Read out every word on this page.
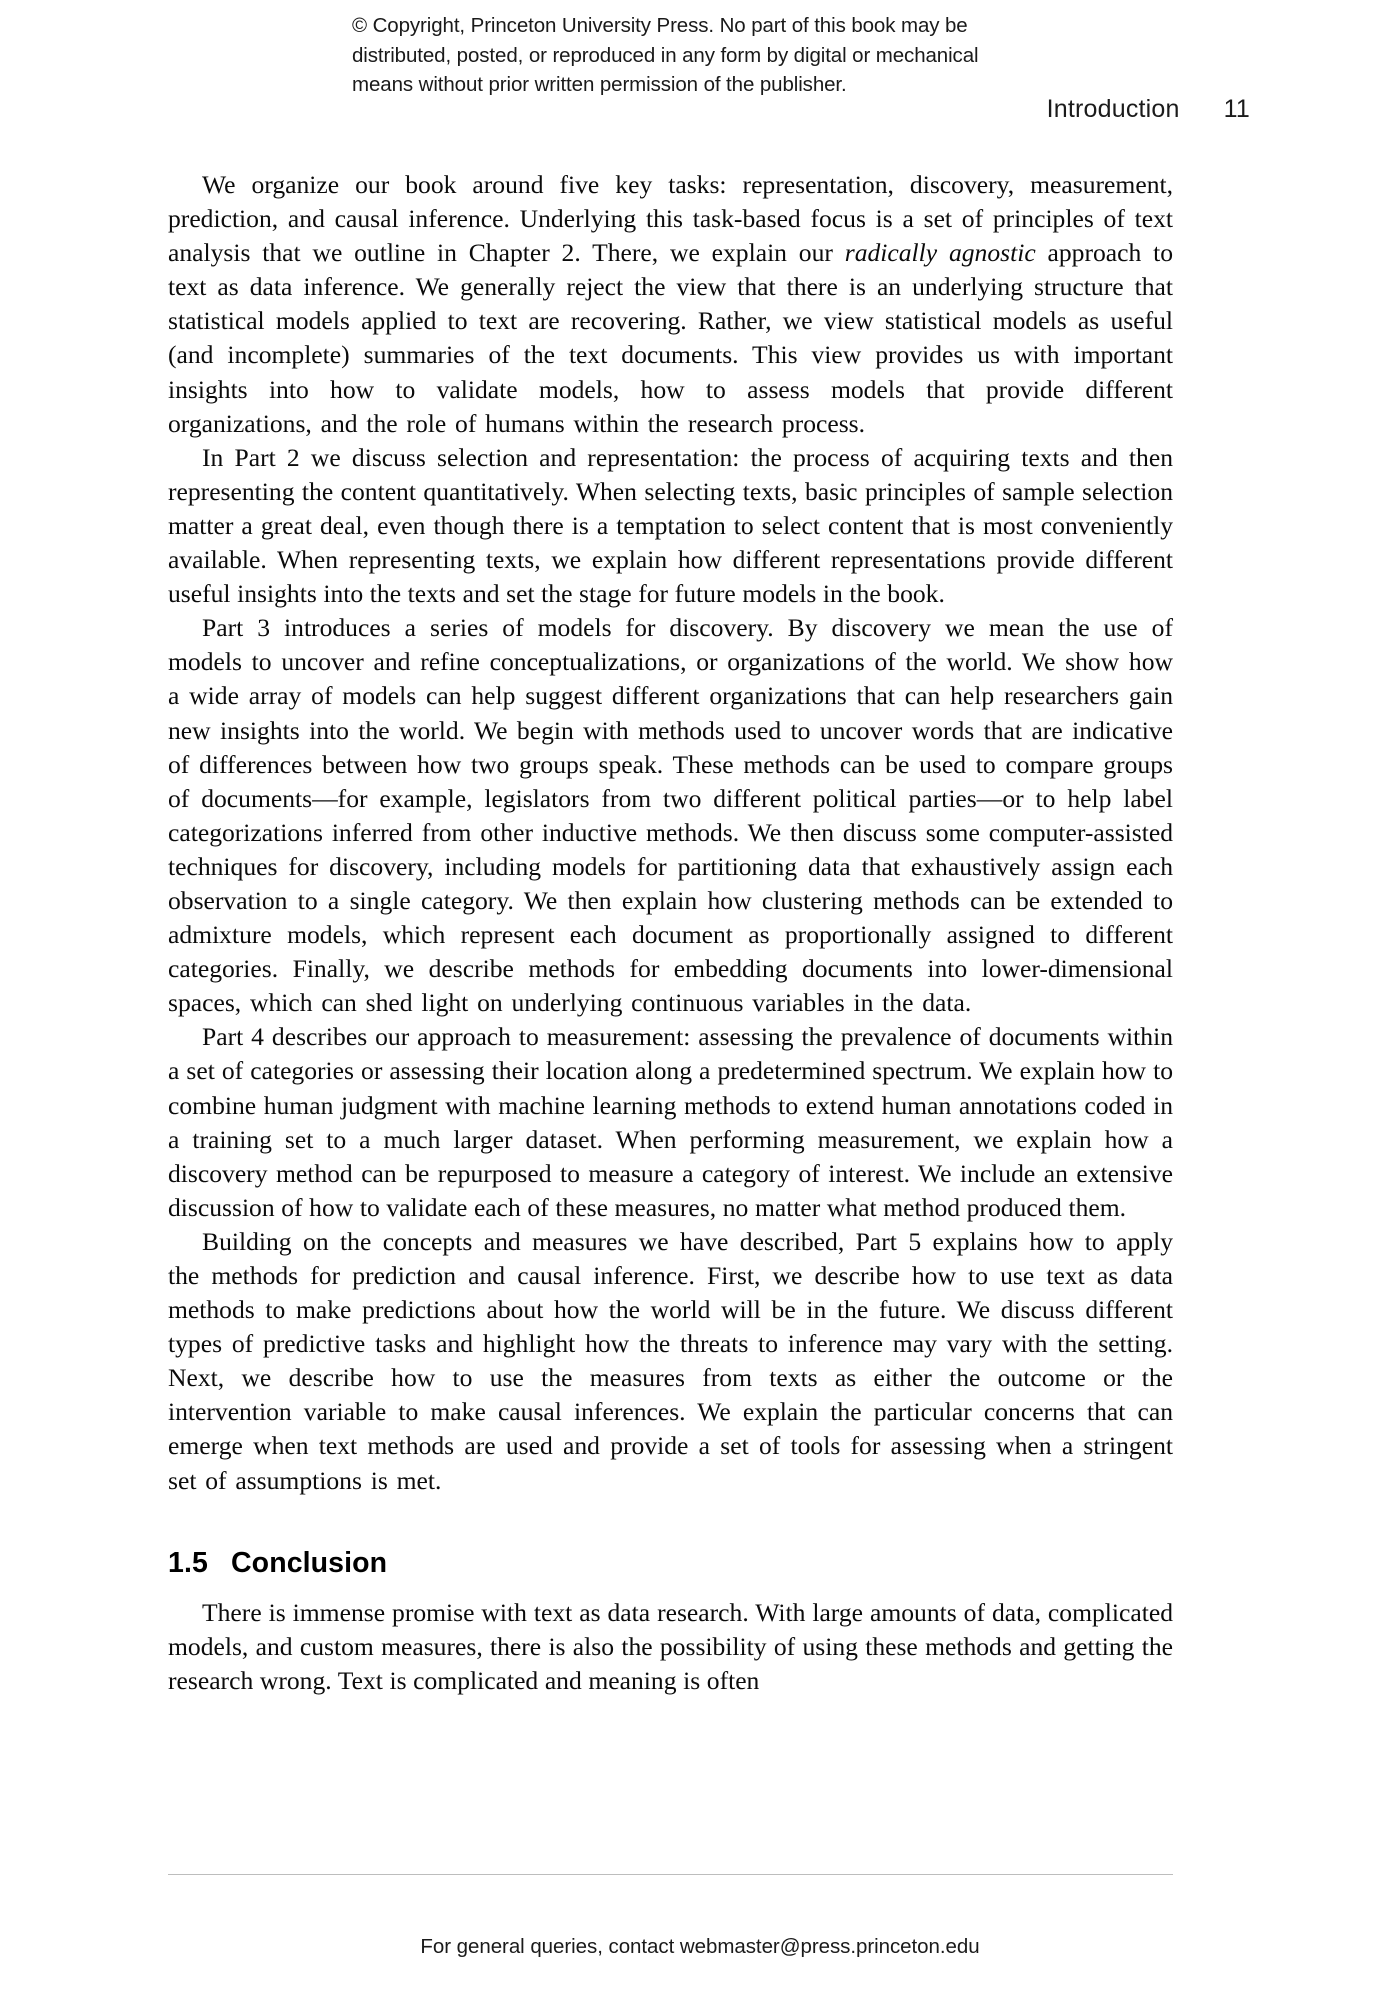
© Copyright, Princeton University Press. No part of this book may be
distributed, posted, or reproduced in any form by digital or mechanical
means without prior written permission of the publisher.
Introduction 11

We organize our book around five key tasks: representation, discovery, measurement, prediction, and causal inference. Underlying this task-based focus is a set of principles of text analysis that we outline in Chapter 2. There, we explain our radically agnostic approach to text as data inference. We generally reject the view that there is an underlying structure that statistical models applied to text are recovering. Rather, we view statistical models as useful (and incomplete) summaries of the text documents. This view provides us with important insights into how to validate models, how to assess models that provide different organizations, and the role of humans within the research process.

In Part 2 we discuss selection and representation: the process of acquiring texts and then representing the content quantitatively. When selecting texts, basic principles of sample selection matter a great deal, even though there is a temptation to select content that is most conveniently available. When representing texts, we explain how different representations provide different useful insights into the texts and set the stage for future models in the book.

Part 3 introduces a series of models for discovery. By discovery we mean the use of models to uncover and refine conceptualizations, or organizations of the world. We show how a wide array of models can help suggest different organizations that can help researchers gain new insights into the world. We begin with methods used to uncover words that are indicative of differences between how two groups speak. These methods can be used to compare groups of documents—for example, legislators from two different political parties—or to help label categorizations inferred from other inductive methods. We then discuss some computer-assisted techniques for discovery, including models for partitioning data that exhaustively assign each observation to a single category. We then explain how clustering methods can be extended to admixture models, which represent each document as proportionally assigned to different categories. Finally, we describe methods for embedding documents into lower-dimensional spaces, which can shed light on underlying continuous variables in the data.

Part 4 describes our approach to measurement: assessing the prevalence of documents within a set of categories or assessing their location along a predetermined spectrum. We explain how to combine human judgment with machine learning methods to extend human annotations coded in a training set to a much larger dataset. When performing measurement, we explain how a discovery method can be repurposed to measure a category of interest. We include an extensive discussion of how to validate each of these measures, no matter what method produced them.

Building on the concepts and measures we have described, Part 5 explains how to apply the methods for prediction and causal inference. First, we describe how to use text as data methods to make predictions about how the world will be in the future. We discuss different types of predictive tasks and highlight how the threats to inference may vary with the setting. Next, we describe how to use the measures from texts as either the outcome or the intervention variable to make causal inferences. We explain the particular concerns that can emerge when text methods are used and provide a set of tools for assessing when a stringent set of assumptions is met.

1.5 Conclusion

There is immense promise with text as data research. With large amounts of data, complicated models, and custom measures, there is also the possibility of using these methods and getting the research wrong. Text is complicated and meaning is often

For general queries, contact webmaster@press.princeton.edu
